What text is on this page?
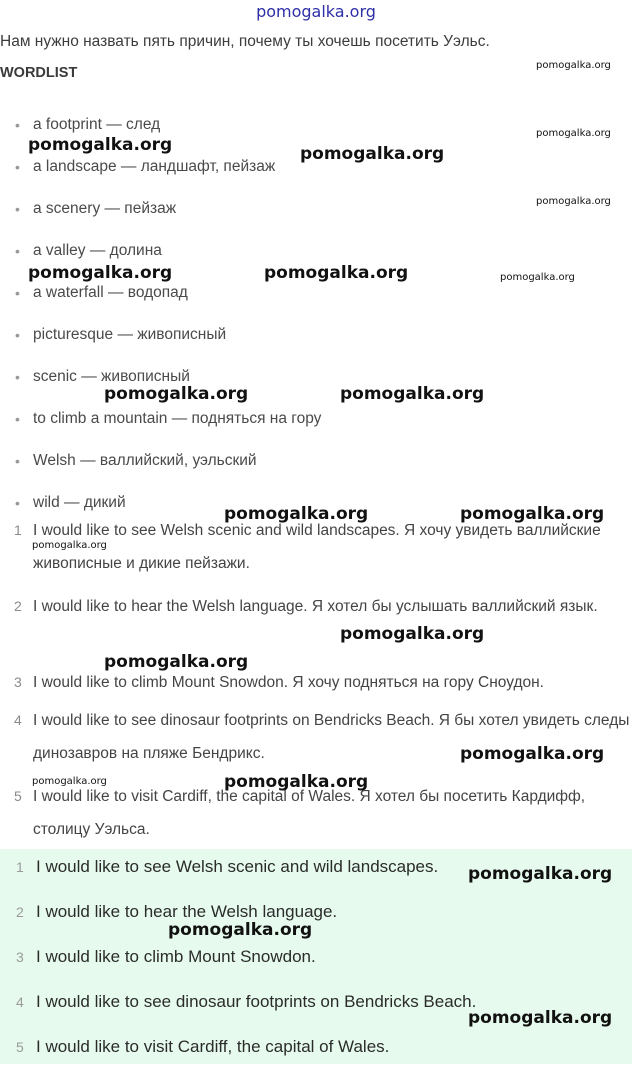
pomogalka.org
Нам нужно назвать пять причин, почему ты хочешь посетить Уэльс.
WORDLIST
• a footprint — след
• a landscape — ландшафт, пейзаж
• a scenery — пейзаж
• a valley — долина
• a waterfall — водопад
• picturesque — живописный
• scenic — живописный
• to climb a mountain — подняться на гору
• Welsh — валлийский, уэльский
• wild — дикий
1 I would like to see Welsh scenic and wild landscapes. Я хочу увидеть валлийские живописные и дикие пейзажи.
2 I would like to hear the Welsh language. Я хотел бы услышать валлийский язык.
3 I would like to climb Mount Snowdon. Я хочу подняться на гору Сноудон.
4 I would like to see dinosaur footprints on Bendricks Beach. Я бы хотел увидеть следы динозавров на пляже Бендрикс.
5 I would like to visit Cardiff, the capital of Wales. Я хотел бы посетить Кардифф, столицу Уэльса.
1 I would like to see Welsh scenic and wild landscapes.
2 I would like to hear the Welsh language.
3 I would like to climb Mount Snowdon.
4 I would like to see dinosaur footprints on Bendricks Beach.
5 I would like to visit Cardiff, the capital of Wales.
pomogalka.org
pomogalka.org
pomogalka.org	pomogalka.org
pomogalka.org
pomogalka.org	pomogalka.org	pomogalka.org
pomogalka.org	pomogalka.org
pomogalka.org	pomogalka.org
pomogalka.org
pomogalka.org
pomogalka.org
pomogalka.org
pomogalka.org	pomogalka.org
pomogalka.org
pomogalka.org
pomogalka.org
